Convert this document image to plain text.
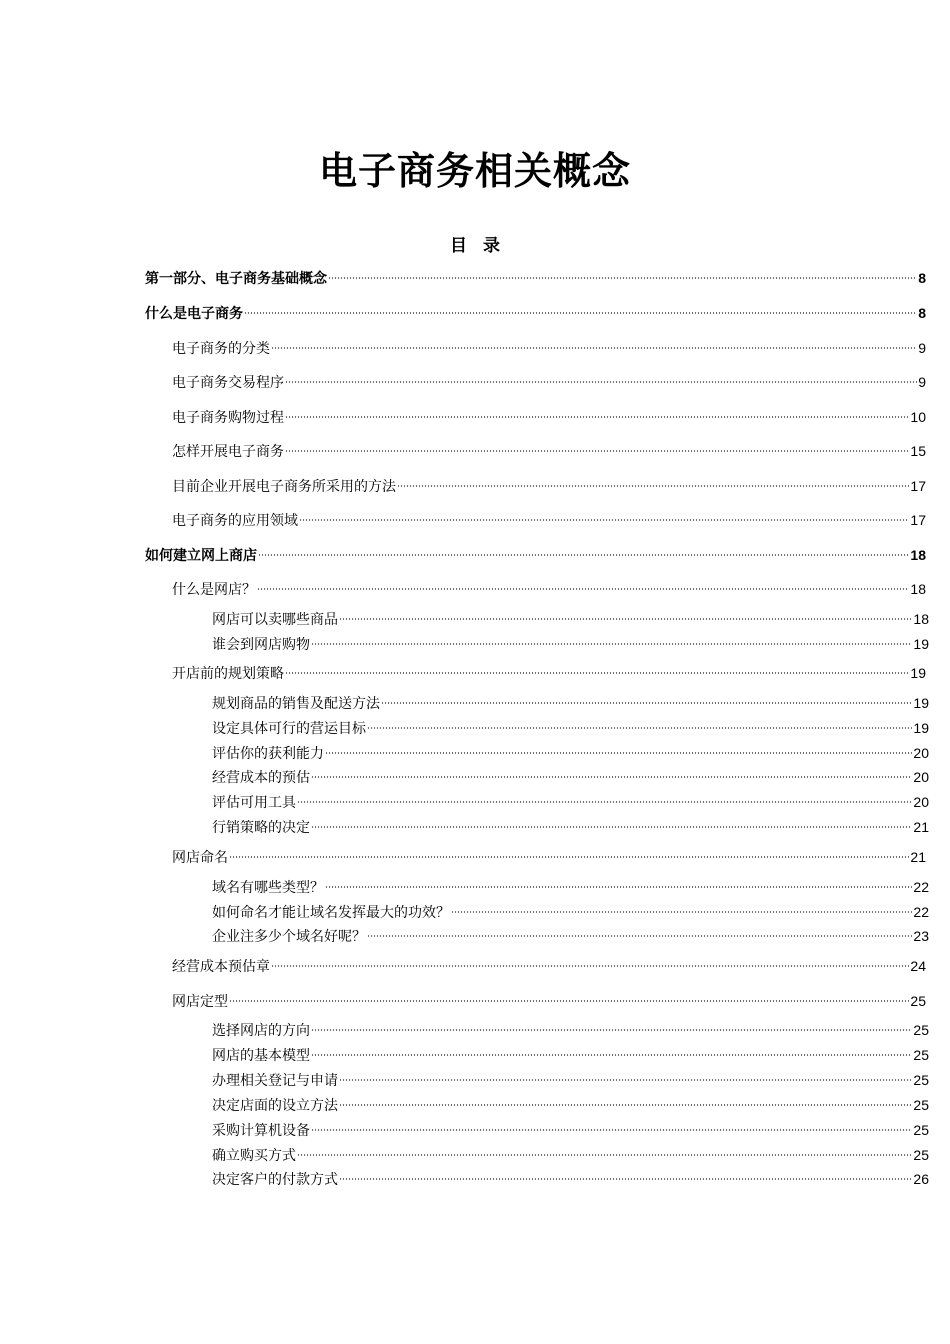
电子商务相关概念
目录
第一部分、电子商务基础概念	8
什么是电子商务	8
电子商务的分类	9
电子商务交易程序	9
电子商务购物过程	10
怎样开展电子商务	15
目前企业开展电子商务所采用的方法	17
电子商务的应用领域	17
如何建立网上商店	18
什么是网店？	18
网店可以卖哪些商品	18
谁会到网店购物	19
开店前的规划策略	19
规划商品的销售及配送方法	19
设定具体可行的营运目标	19
评估你的获利能力	20
经营成本的预估	20
评估可用工具	20
行销策略的决定	21
网店命名	21
域名有哪些类型？	22
如何命名才能让域名发挥最大的功效？	22
企业注多少个域名好呢？	23
经营成本预估章	24
网店定型	25
选择网店的方向	25
网店的基本模型	25
办理相关登记与申请	25
决定店面的设立方法	25
采购计算机设备	25
确立购买方式	25
决定客户的付款方式	26
